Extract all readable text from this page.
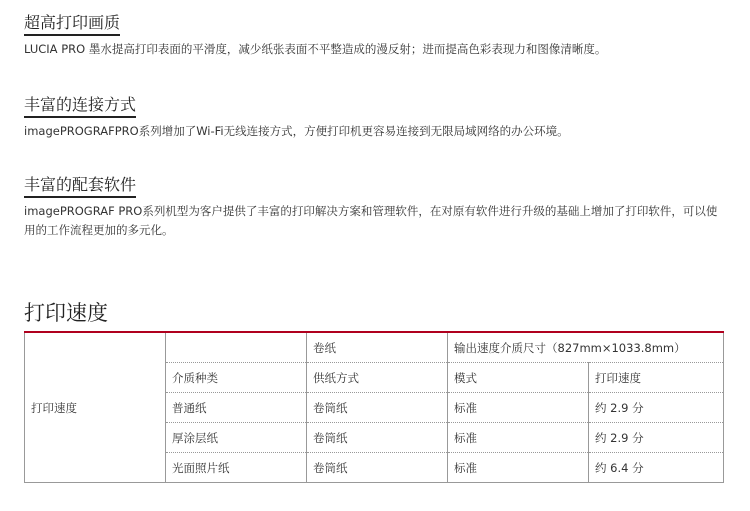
超高打印画质

LUCIA PRO 墨水提高打印表面的平滑度，减少纸张表面不平整造成的漫反射；进而提高色彩表现力和图像清晰度。

丰富的连接方式

imagePROGRAFPRO系列增加了Wi-Fi无线连接方式，方便打印机更容易连接到无限局域网络的办公环境。

丰富的配套软件

imagePROGRAF PRO系列机型为客户提供了丰富的打印解决方案和管理软件，在对原有软件进行升级的基础上增加了打印软件，可以使用的工作流程更加的多元化。

打印速度
打印速度		卷纸	输出速度介质尺寸（827mm×1033.8mm）	
	介质种类	供纸方式	模式	打印速度
	普通纸	卷筒纸	标准	约 2.9 分
	厚涂层纸	卷筒纸	标准	约 2.9 分
	光面照片纸	卷筒纸	标准	约 6.4 分
